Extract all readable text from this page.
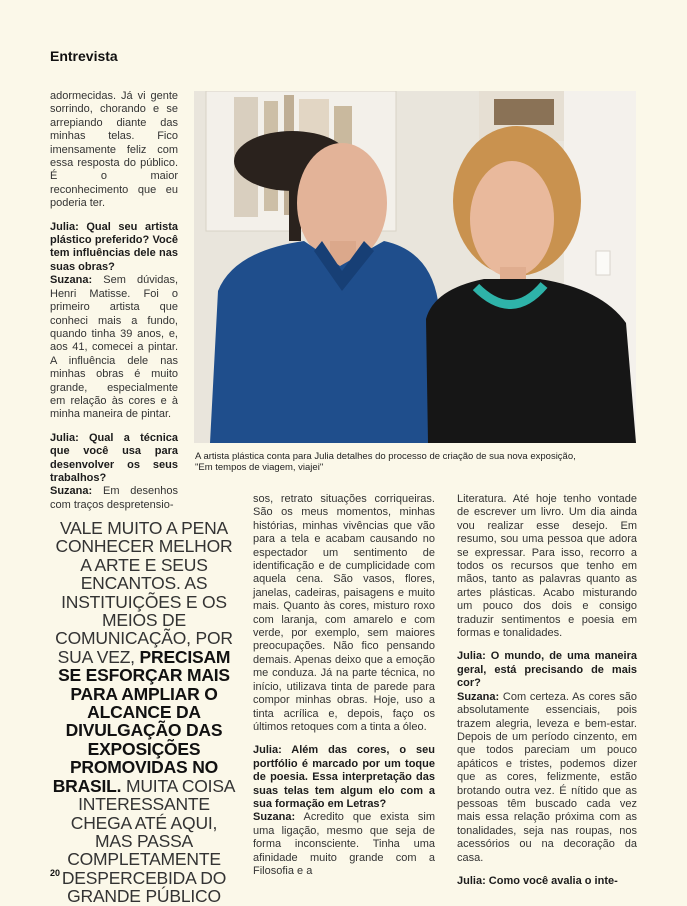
Entrevista

adormecidas. Já vi gente sorrindo, chorando e se arrepiando diante das minhas telas. Fico imensamente feliz com essa resposta do público. É o maior reconhecimento que eu poderia ter.

Julia: Qual seu artista plástico preferido? Você tem influências dele nas suas obras?

Suzana: Sem dúvidas, Henri Matisse. Foi o primeiro artista que conheci mais a fundo, quando tinha 39 anos, e, aos 41, comecei a pintar. A influência dele nas minhas obras é muito grande, especialmente em relação às cores e à minha maneira de pintar.

Julia: Qual a técnica que você usa para desenvolver os seus trabalhos?

Suzana: Em desenhos com traços despretensio-

A artista plástica conta para Julia detalhes do processo de criação de sua nova exposição,
"Em tempos de viagem, viajei"
VALE MUITO A PENA CONHECER MELHOR A ARTE E SEUS ENCANTOS. AS INSTITUIÇÕES E OS MEIOS DE COMUNICAÇÃO, POR SUA VEZ, PRECISAM SE ESFORÇAR MAIS PARA AMPLIAR O ALCANCE DA DIVULGAÇÃO DAS EXPOSIÇÕES PROMOVIDAS NO BRASIL. MUITA COISA INTERESSANTE CHEGA ATÉ AQUI, MAS PASSA COMPLETAMENTE DESPERCEBIDA DO GRANDE PÚBLICO

sos, retrato situações corriqueiras. São os meus momentos, minhas histórias, minhas vivências que vão para a tela e acabam causando no espectador um sentimento de identificação e de cumplicidade com aquela cena. São vasos, flores, janelas, cadeiras, paisagens e muito mais. Quanto às cores, misturo roxo com laranja, com amarelo e com verde, por exemplo, sem maiores preocupações. Não fico pensando demais. Apenas deixo que a emoção me conduza. Já na parte técnica, no início, utilizava tinta de parede para compor minhas obras. Hoje, uso a tinta acrílica e, depois, faço os últimos retoques com a tinta a óleo.

Julia: Além das cores, o seu portfólio é marcado por um toque de poesia. Essa interpretação das suas telas tem algum elo com a sua formação em Letras?

Suzana: Acredito que exista sim uma ligação, mesmo que seja de forma inconsciente. Tinha uma afinidade muito grande com a Filosofia e a

Literatura. Até hoje tenho vontade de escrever um livro. Um dia ainda vou realizar esse desejo. Em resumo, sou uma pessoa que adora se expressar. Para isso, recorro a todos os recursos que tenho em mãos, tanto as palavras quanto as artes plásticas. Acabo misturando um pouco dos dois e consigo traduzir sentimentos e poesia em formas e tonalidades.

Julia: O mundo, de uma maneira geral, está precisando de mais cor?

Suzana: Com certeza. As cores são absolutamente essenciais, pois trazem alegria, leveza e bem-estar. Depois de um período cinzento, em que todos pareciam um pouco apáticos e tristes, podemos dizer que as cores, felizmente, estão brotando outra vez. É nítido que as pessoas têm buscado cada vez mais essa relação próxima com as tonalidades, seja nas roupas, nos acessórios ou na decoração da casa.

Julia: Como você avalia o inte-

20
